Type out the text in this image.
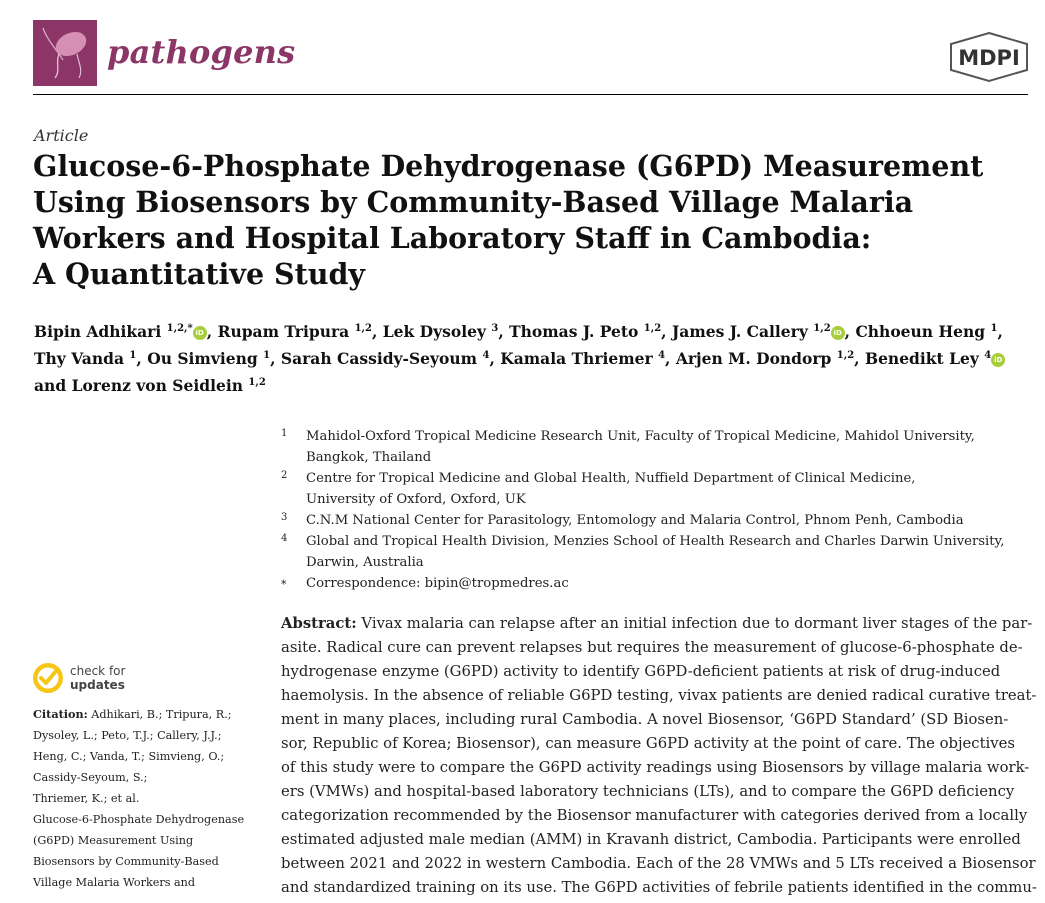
pathogens	MDPI
Article
Glucose-6-Phosphate Dehydrogenase (G6PD) Measurement
Using Biosensors by Community-Based Village Malaria
Workers and Hospital Laboratory Staff in Cambodia:
A Quantitative Study
Bipin Adhikari $^{1,2,*}$ iD , Rupam Tripura $^{1,2}$, Lek Dysoley $^3$, Thomas J. Peto $^{1,2}$, James J. Callery $^{1,2}$ iD , Chhoeun Heng $^1$,
Thy Vanda $^1$, Ou Simvieng $^1$, Sarah Cassidy-Seyoum $^4$, Kamala Thriemer $^4$, Arjen M. Dondorp $^{1,2}$, Benedikt Ley $^4$ iD
and Lorenz von Seidlein $^{1,2}$
1 Mahidol-Oxford Tropical Medicine Research Unit, Faculty of Tropical Medicine, Mahidol University,
Bangkok, Thailand
2 Centre for Tropical Medicine and Global Health, Nuffield Department of Clinical Medicine,
University of Oxford, Oxford, UK
3 C.N.M National Center for Parasitology, Entomology and Malaria Control, Phnom Penh, Cambodia
4 Global and Tropical Health Division, Menzies School of Health Research and Charles Darwin University,
Darwin, Australia
* Correspondence: bipin@tropmedres.ac
check for
updates
Citation: Adhikari, B.; Tripura, R.;
Dysoley, L.; Peto, T.J.; Callery, J.J.;
Heng, C.; Vanda, T.; Simvieng, O.;
Cassidy-Seyoum, S.;
Thriemer, K.; et al.
Glucose-6-Phosphate Dehydrogenase
(G6PD) Measurement Using
Biosensors by Community-Based
Village Malaria Workers and
Abstract: Vivax malaria can relapse after an initial infection due to dormant liver stages of the par-
asite. Radical cure can prevent relapses but requires the measurement of glucose-6-phosphate de-
hydrogenase enzyme (G6PD) activity to identify G6PD-deficient patients at risk of drug-induced
haemolysis. In the absence of reliable G6PD testing, vivax patients are denied radical curative treat-
ment in many places, including rural Cambodia. A novel Biosensor, ‘G6PD Standard’ (SD Biosen-
sor, Republic of Korea; Biosensor), can measure G6PD activity at the point of care. The objectives
of this study were to compare the G6PD activity readings using Biosensors by village malaria work-
ers (VMWs) and hospital-based laboratory technicians (LTs), and to compare the G6PD deficiency
categorization recommended by the Biosensor manufacturer with categories derived from a locally
estimated adjusted male median (AMM) in Kravanh district, Cambodia. Participants were enrolled
between 2021 and 2022 in western Cambodia. Each of the 28 VMWs and 5 LTs received a Biosensor
and standardized training on its use. The G6PD activities of febrile patients identified in the commu-
